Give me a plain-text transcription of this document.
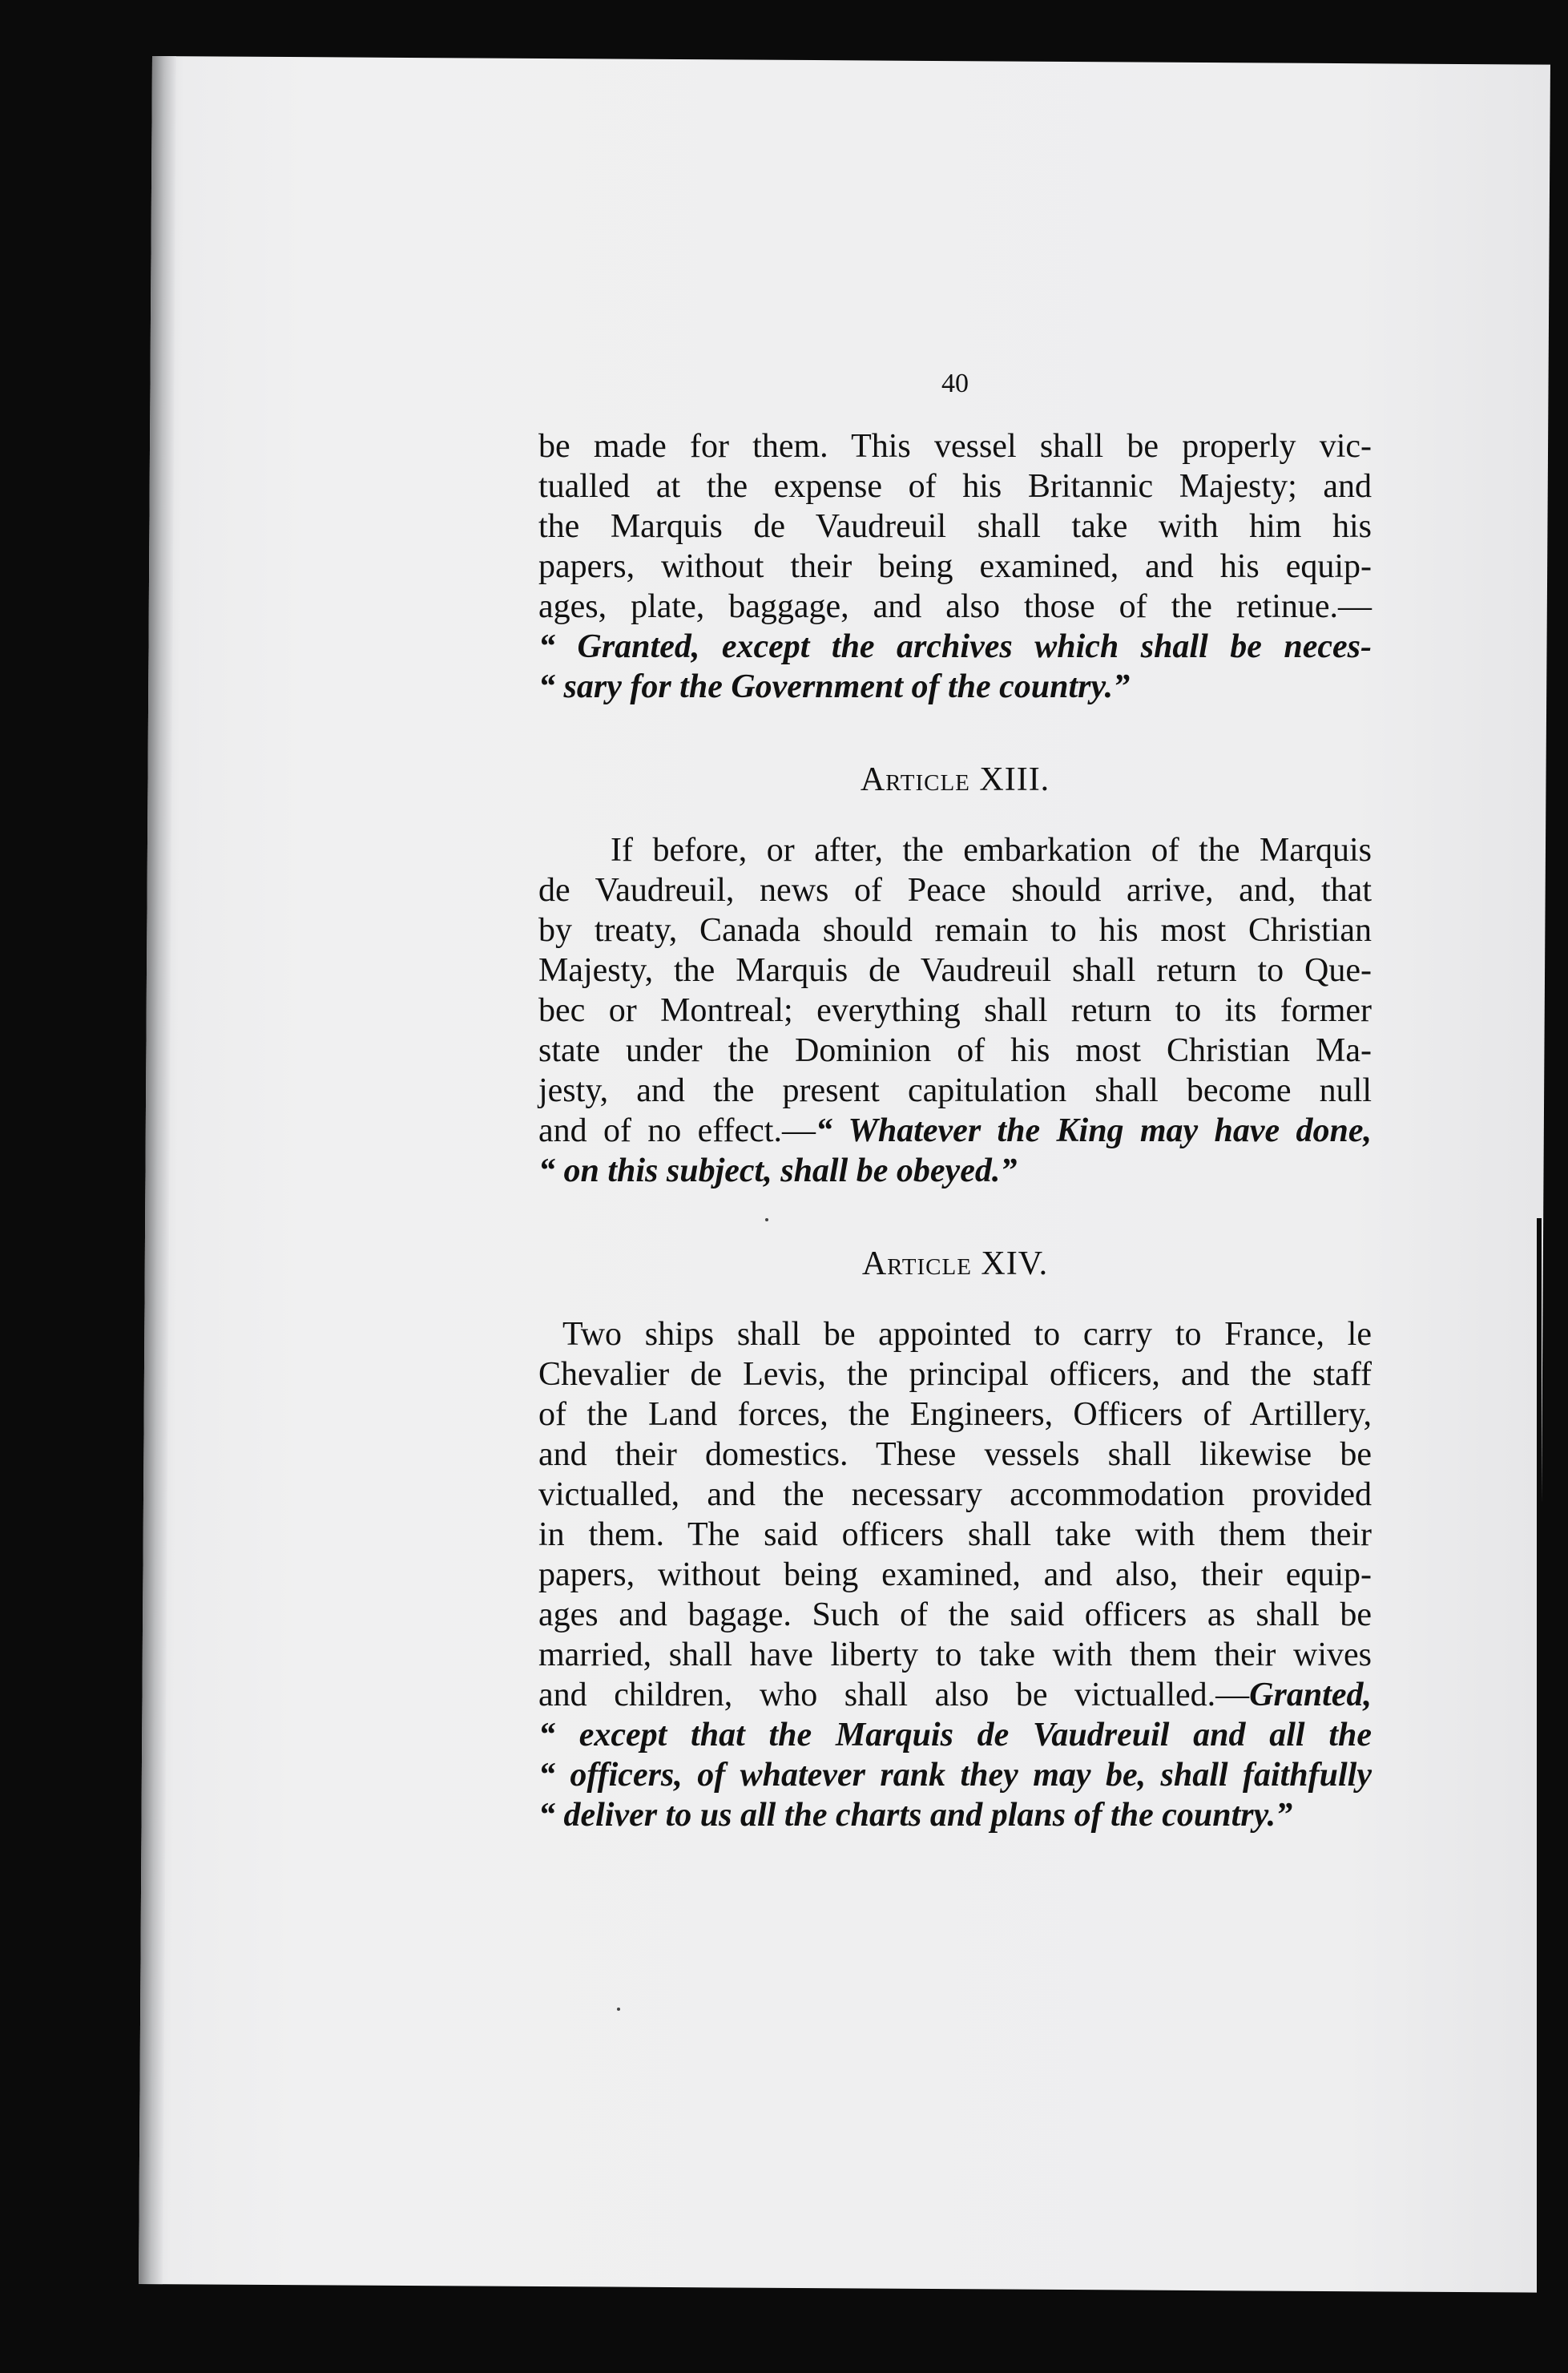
40
be made for them. This vessel shall be properly vic-
tualled at the expense of his Britannic Majesty; and
the Marquis de Vaudreuil shall take with him his
papers, without their being examined, and his equip-
ages, plate, baggage, and also those of the retinue.—
“ Granted, except the archives which shall be neces-
“ sary for the Government of the country.”
Article XIII.
If before, or after, the embarkation of the Marquis
de Vaudreuil, news of Peace should arrive, and, that
by treaty, Canada should remain to his most Christian
Majesty, the Marquis de Vaudreuil shall return to Que-
bec or Montreal; everything shall return to its former
state under the Dominion of his most Christian Ma-
jesty, and the present capitulation shall become null
and of no effect.—“ Whatever the King may have done,
“ on this subject, shall be obeyed.”
Article XIV.
Two ships shall be appointed to carry to France, le
Chevalier de Levis, the principal officers, and the staff
of the Land forces, the Engineers, Officers of Artillery,
and their domestics. These vessels shall likewise be
victualled, and the necessary accommodation provided
in them. The said officers shall take with them their
papers, without being examined, and also, their equip-
ages and bagage. Such of the said officers as shall be
married, shall have liberty to take with them their wives
and children, who shall also be victualled.—Granted,
“ except that the Marquis de Vaudreuil and all the
“ officers, of whatever rank they may be, shall faithfully
“ deliver to us all the charts and plans of the country.”
